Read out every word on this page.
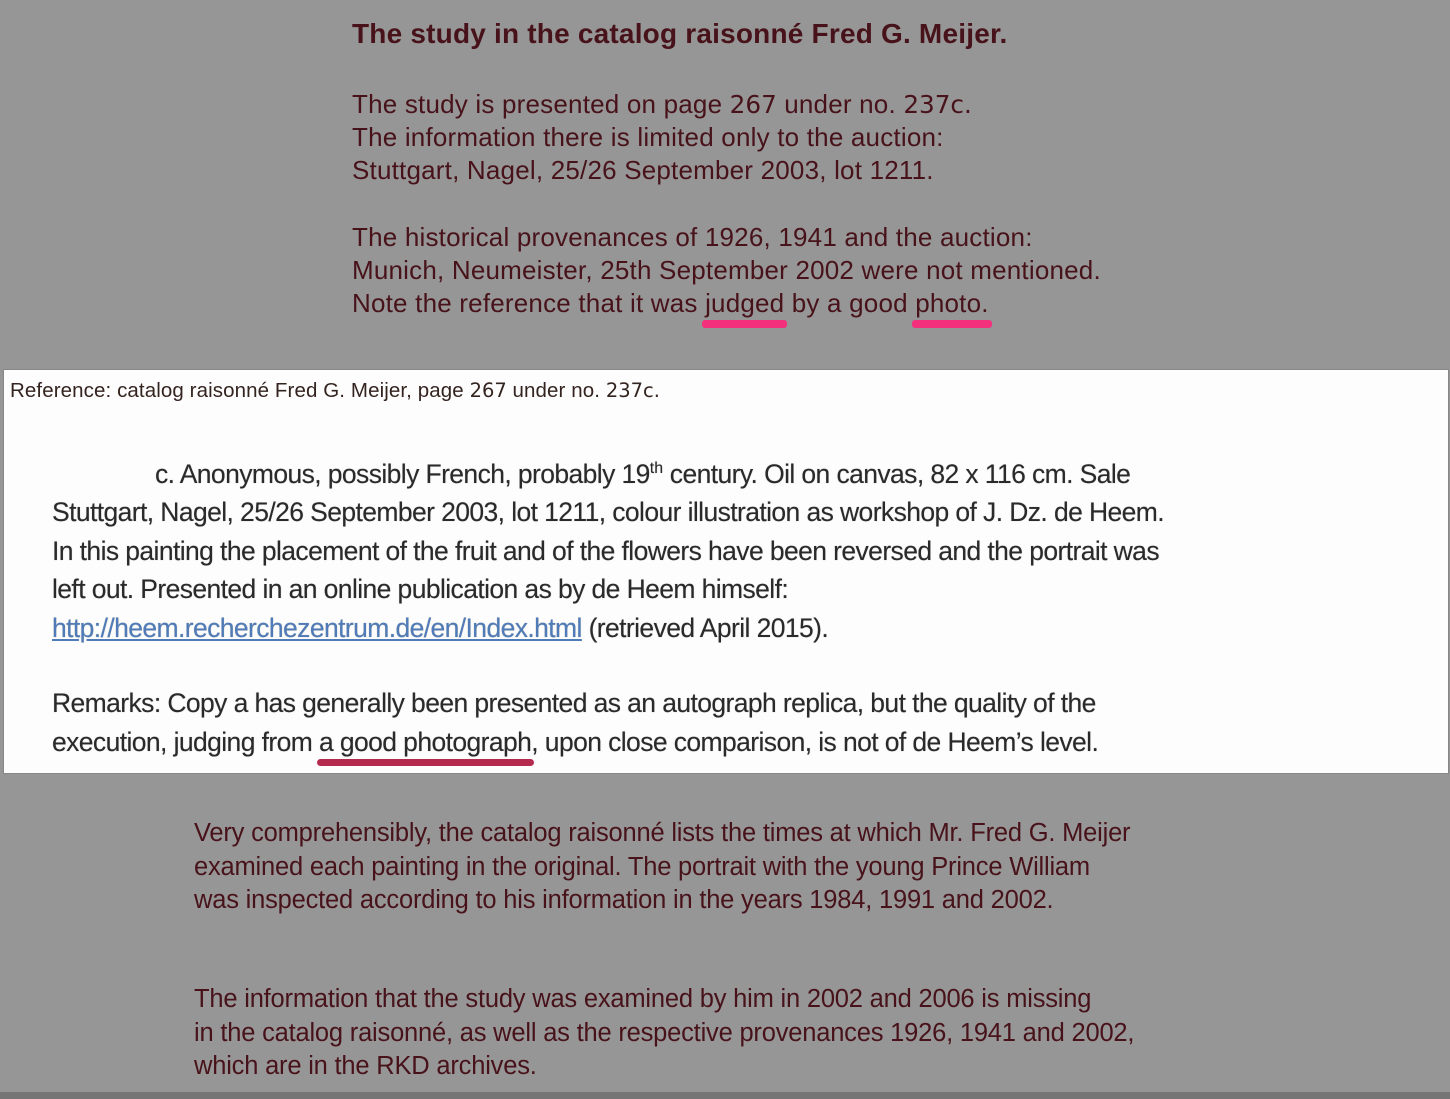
The study in the catalog raisonné Fred G. Meijer.
The study is presented on page 267 under no. 237c.
The information there is limited only to the auction:
Stuttgart, Nagel, 25/26 September 2003, lot 1211.
The historical provenances of 1926, 1941 and the auction:
Munich, Neumeister, 25th September 2002 were not mentioned.
Note the reference that it was judged by a good photo.
Reference: catalog raisonné Fred G. Meijer, page 267 under no. 237c.
c. Anonymous, possibly French, probably 19th century. Oil on canvas, 82 x 116 cm. Sale
Stuttgart, Nagel, 25/26 September 2003, lot 1211, colour illustration as workshop of J. Dz. de Heem.
In this painting the placement of the fruit and of the flowers have been reversed and the portrait was
left out. Presented in an online publication as by de Heem himself:
http://heem.recherchezentrum.de/en/Index.html (retrieved April 2015).
Remarks: Copy a has generally been presented as an autograph replica, but the quality of the
execution, judging from a good photograph, upon close comparison, is not of de Heem’s level.
Very comprehensibly, the catalog raisonné lists the times at which Mr. Fred G. Meijer
examined each painting in the original. The portrait with the young Prince William
was inspected according to his information in the years 1984, 1991 and 2002.
The information that the study was examined by him in 2002 and 2006 is missing
in the catalog raisonné, as well as the respective provenances 1926, 1941 and 2002,
which are in the RKD archives.
